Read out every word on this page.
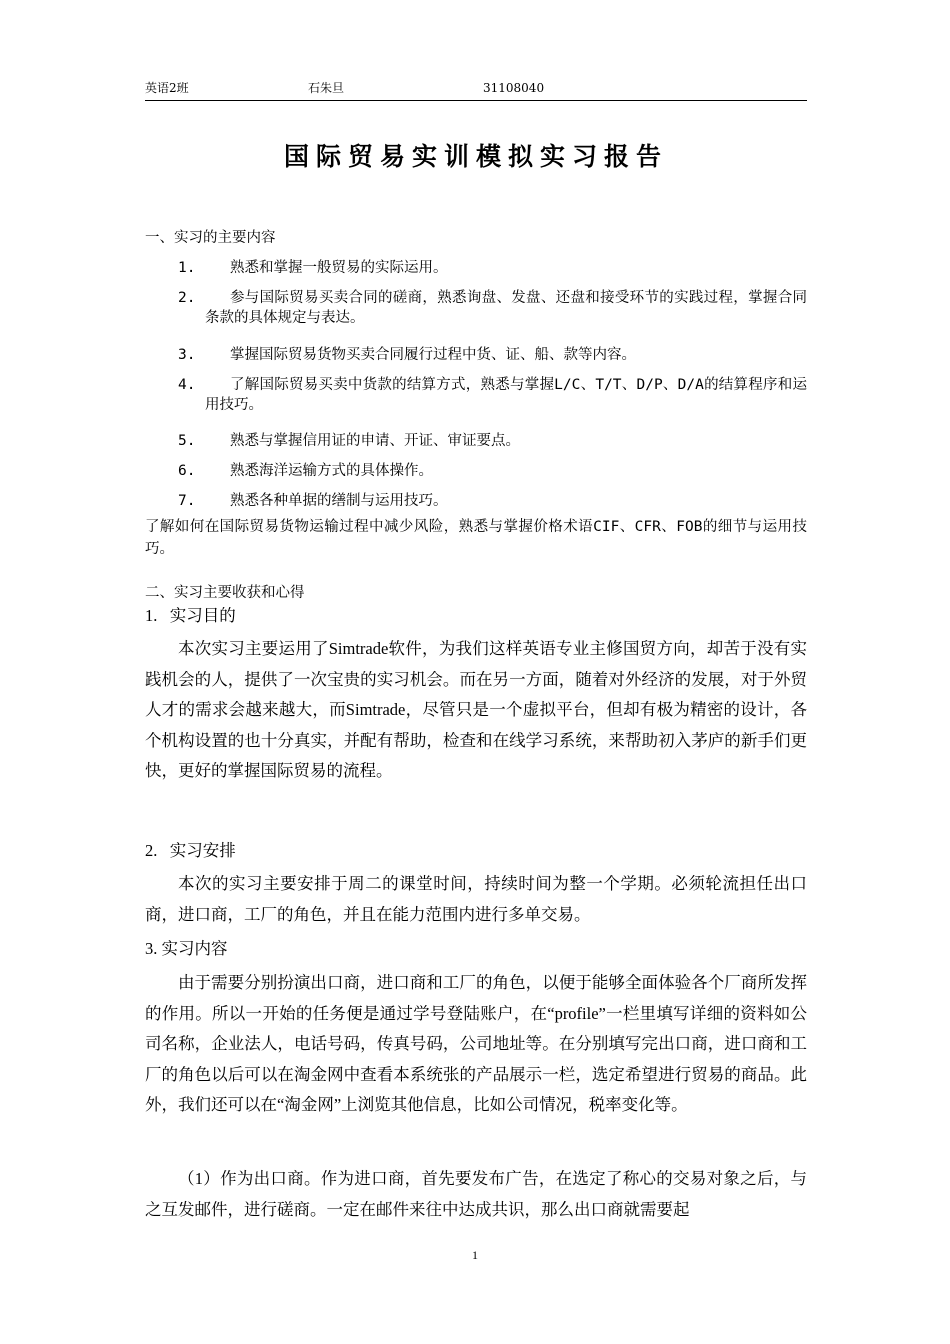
英语2班	石朱旦	31108040
国际贸易实训模拟实习报告
一、实习的主要内容
1.	熟悉和掌握一般贸易的实际运用。
2.	参与国际贸易买卖合同的磋商，熟悉询盘、发盘、还盘和接受环节的实践过程，掌握合同条款的具体规定与表达。
3.	掌握国际贸易货物买卖合同履行过程中货、证、船、款等内容。
4.	了解国际贸易买卖中货款的结算方式，熟悉与掌握L/C、T/T、D/P、D/A的结算程序和运用技巧。
5.	熟悉与掌握信用证的申请、开证、审证要点。
6.	熟悉海洋运输方式的具体操作。
7.	熟悉各种单据的缮制与运用技巧。
了解如何在国际贸易货物运输过程中减少风险，熟悉与掌握价格术语CIF、CFR、FOB的细节与运用技巧。
二、实习主要收获和心得
1. 实习目的
本次实习主要运用了Simtrade软件，为我们这样英语专业主修国贸方向，却苦于没有实践机会的人，提供了一次宝贵的实习机会。而在另一方面，随着对外经济的发展，对于外贸人才的需求会越来越大，而Simtrade，尽管只是一个虚拟平台，但却有极为精密的设计，各个机构设置的也十分真实，并配有帮助，检查和在线学习系统，来帮助初入茅庐的新手们更快，更好的掌握国际贸易的流程。
2. 实习安排
本次的实习主要安排于周二的课堂时间，持续时间为整一个学期。必须轮流担任出口商，进口商，工厂的角色，并且在能力范围内进行多单交易。
3. 实习内容
由于需要分别扮演出口商，进口商和工厂的角色，以便于能够全面体验各个厂商所发挥的作用。所以一开始的任务便是通过学号登陆账户，在“profile”一栏里填写详细的资料如公司名称，企业法人，电话号码，传真号码，公司地址等。在分别填写完出口商，进口商和工厂的角色以后可以在淘金网中查看本系统张的产品展示一栏，选定希望进行贸易的商品。此外，我们还可以在“淘金网”上浏览其他信息，比如公司情况，税率变化等。
（1）作为出口商。作为进口商，首先要发布广告，在选定了称心的交易对象之后，与之互发邮件，进行磋商。一定在邮件来往中达成共识，那么出口商就需要起
1
